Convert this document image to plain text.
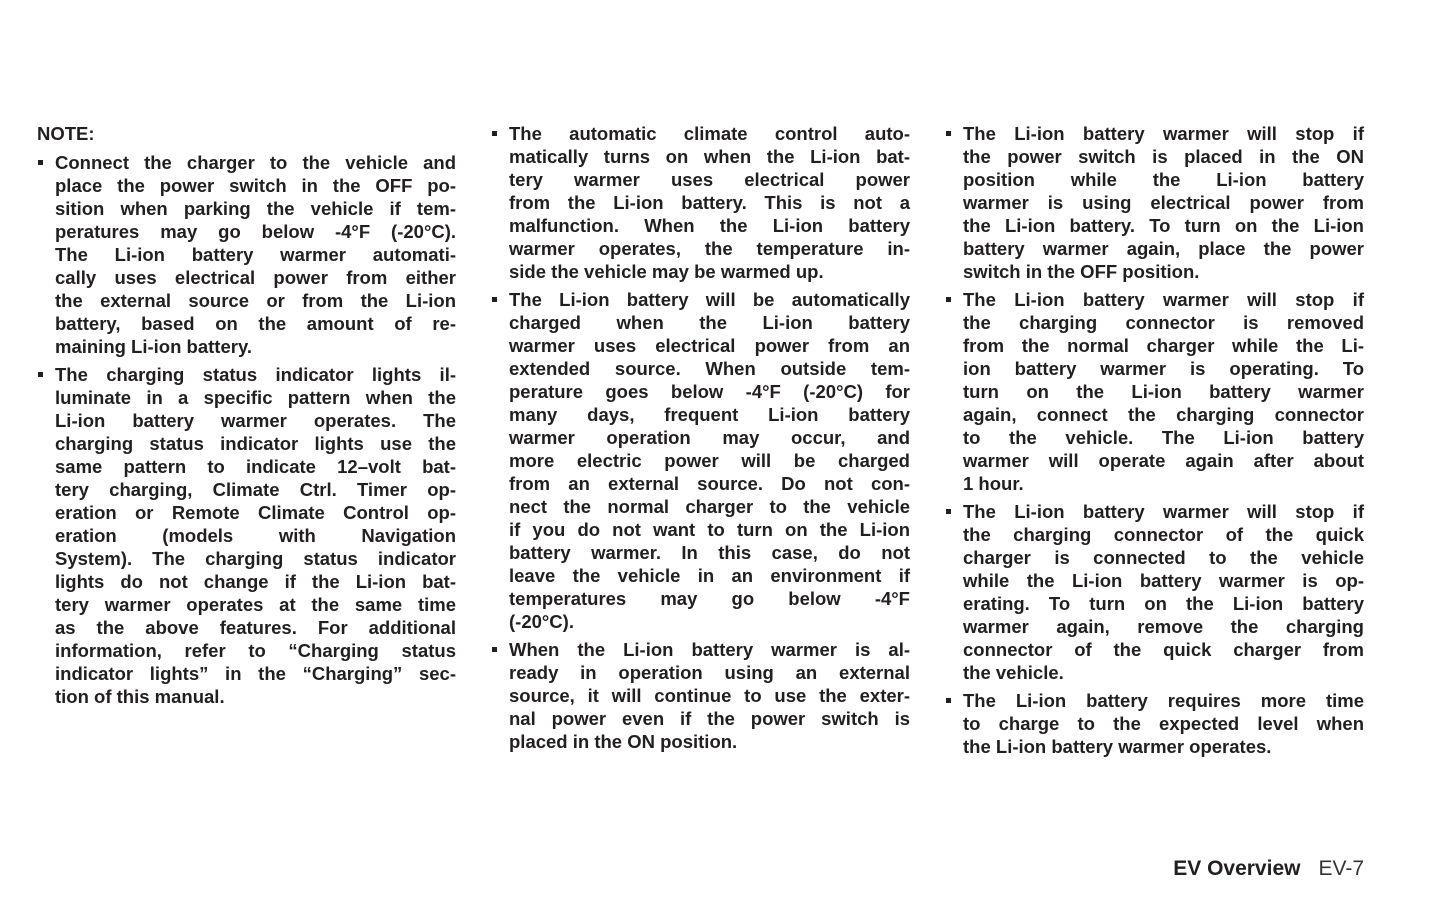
NOTE:
Connect the charger to the vehicle and
place the power switch in the OFF po-
sition when parking the vehicle if tem-
peratures may go below -4°F (-20°C).
The Li-ion battery warmer automati-
cally uses electrical power from either
the external source or from the Li-ion
battery, based on the amount of re-
maining Li-ion battery.
The charging status indicator lights il-
luminate in a specific pattern when the
Li-ion battery warmer operates. The
charging status indicator lights use the
same pattern to indicate 12–volt bat-
tery charging, Climate Ctrl. Timer op-
eration or Remote Climate Control op-
eration (models with Navigation
System). The charging status indicator
lights do not change if the Li-ion bat-
tery warmer operates at the same time
as the above features. For additional
information, refer to “Charging status
indicator lights” in the “Charging” sec-
tion of this manual.
The automatic climate control auto-
matically turns on when the Li-ion bat-
tery warmer uses electrical power
from the Li-ion battery. This is not a
malfunction. When the Li-ion battery
warmer operates, the temperature in-
side the vehicle may be warmed up.
The Li-ion battery will be automatically
charged when the Li-ion battery
warmer uses electrical power from an
extended source. When outside tem-
perature goes below -4°F (-20°C) for
many days, frequent Li-ion battery
warmer operation may occur, and
more electric power will be charged
from an external source. Do not con-
nect the normal charger to the vehicle
if you do not want to turn on the Li-ion
battery warmer. In this case, do not
leave the vehicle in an environment if
temperatures may go below -4°F
(-20°C).
When the Li-ion battery warmer is al-
ready in operation using an external
source, it will continue to use the exter-
nal power even if the power switch is
placed in the ON position.
The Li-ion battery warmer will stop if
the power switch is placed in the ON
position while the Li-ion battery
warmer is using electrical power from
the Li-ion battery. To turn on the Li-ion
battery warmer again, place the power
switch in the OFF position.
The Li-ion battery warmer will stop if
the charging connector is removed
from the normal charger while the Li-
ion battery warmer is operating. To
turn on the Li-ion battery warmer
again, connect the charging connector
to the vehicle. The Li-ion battery
warmer will operate again after about
1 hour.
The Li-ion battery warmer will stop if
the charging connector of the quick
charger is connected to the vehicle
while the Li-ion battery warmer is op-
erating. To turn on the Li-ion battery
warmer again, remove the charging
connector of the quick charger from
the vehicle.
The Li-ion battery requires more time
to charge to the expected level when
the Li-ion battery warmer operates.
EV Overview EV-7
